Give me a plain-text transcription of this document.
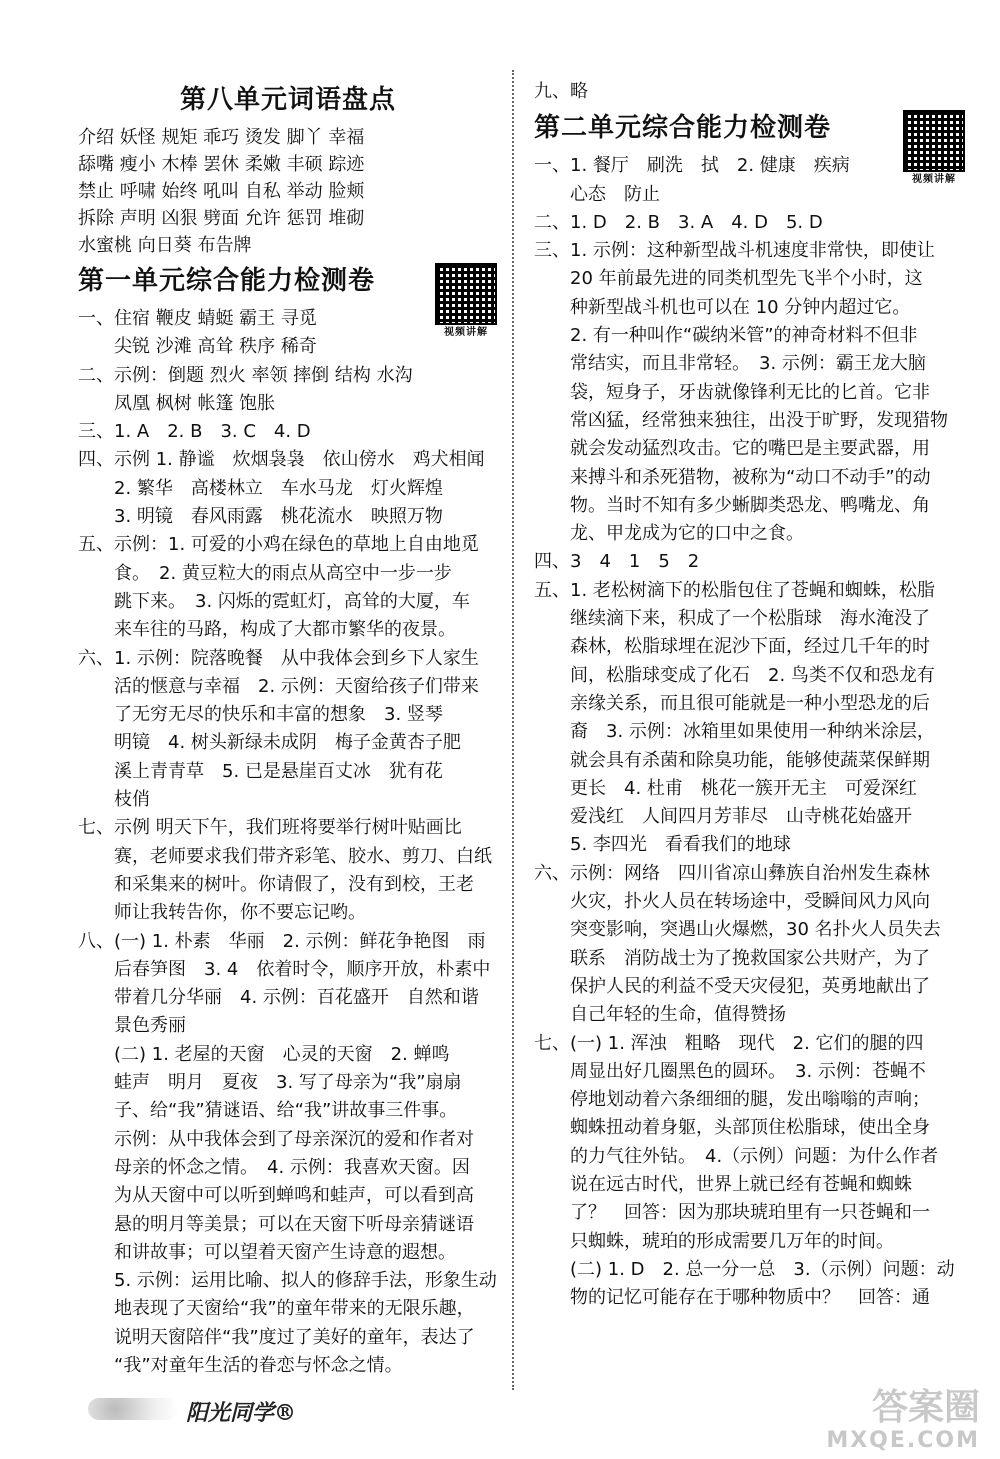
第八单元词语盘点

介绍 妖怪 规矩 乖巧 烫发 脚丫 幸福

舔嘴 瘦小 木棒 罢休 柔嫩 丰硕 踪迹

禁止 呼啸 始终 吼叫 自私 举动 脸颊

拆除 声明 凶狠 劈面 允许 惩罚 堆砌

水蜜桃 向日葵 布告牌

第一单元综合能力检测卷
视频讲解

一、住宿 鞭皮 蜻蜓 霸王 寻觅

　　尖锐 沙滩 高耸 秩序 稀奇

二、示例：倒题 烈火 率领 摔倒 结构 水沟

　　凤凰 枫树 帐篷 饱胀

三、1. A　2. B　3. C　4. D

四、示例 1. 静谧　炊烟袅袅　依山傍水　鸡犬相闻

　　2. 繁华　高楼林立　车水马龙　灯火辉煌

　　3. 明镜　春风雨露　桃花流水　映照万物

五、示例：1. 可爱的小鸡在绿色的草地上自由地觅

　　食。　2. 黄豆粒大的雨点从高空中一步一步

　　跳下来。　3. 闪烁的霓虹灯，高耸的大厦，车

　　来车往的马路，构成了大都市繁华的夜景。

六、1. 示例：院落晚餐　从中我体会到乡下人家生

　　活的惬意与幸福　2. 示例：天窗给孩子们带来

　　了无穷无尽的快乐和丰富的想象　3. 竖琴

　　明镜　4. 树头新绿未成阴　梅子金黄杏子肥

　　溪上青青草　5. 已是悬崖百丈冰　犹有花

　　枝俏

七、示例 明天下午，我们班将要举行树叶贴画比

　　赛，老师要求我们带齐彩笔、胶水、剪刀、白纸

　　和采集来的树叶。你请假了，没有到校，王老

　　师让我转告你，你不要忘记哟。

八、(一) 1. 朴素　华丽　2. 示例：鲜花争艳图　雨

　　后春笋图　3. 4　依着时令，顺序开放，朴素中

　　带着几分华丽　4. 示例：百花盛开　自然和谐

　　景色秀丽

　　(二) 1. 老屋的天窗　心灵的天窗　2. 蝉鸣

　　蛙声　明月　夏夜　3. 写了母亲为“我”扇扇

　　子、给“我”猜谜语、给“我”讲故事三件事。

　　示例：从中我体会到了母亲深沉的爱和作者对

　　母亲的怀念之情。　4. 示例：我喜欢天窗。因

　　为从天窗中可以听到蝉鸣和蛙声，可以看到高

　　悬的明月等美景；可以在天窗下听母亲猜谜语

　　和讲故事；可以望着天窗产生诗意的遐想。

　　5. 示例：运用比喻、拟人的修辞手法，形象生动

　　地表现了天窗给“我”的童年带来的无限乐趣，

　　说明天窗陪伴“我”度过了美好的童年，表达了

　　“我”对童年生活的眷恋与怀念之情。

九、略

第二单元综合能力检测卷
视频讲解

一、1. 餐厅　刷洗　拭　2. 健康　疾病

　　心态　防止

二、1. D　2. B　3. A　4. D　5. D

三、1. 示例：这种新型战斗机速度非常快，即使让

　　20 年前最先进的同类机型先飞半个小时，这

　　种新型战斗机也可以在 10 分钟内超过它。

　　2. 有一种叫作“碳纳米管”的神奇材料不但非

　　常结实，而且非常轻。　3. 示例：霸王龙大脑

　　袋，短身子，牙齿就像锋利无比的匕首。它非

　　常凶猛，经常独来独往，出没于旷野，发现猎物

　　就会发动猛烈攻击。它的嘴巴是主要武器，用

　　来搏斗和杀死猎物，被称为“动口不动手”的动

　　物。当时不知有多少蜥脚类恐龙、鸭嘴龙、角

　　龙、甲龙成为它的口中之食。

四、3　4　1　5　2

五、1. 老松树滴下的松脂包住了苍蝇和蜘蛛，松脂

　　继续滴下来，积成了一个松脂球　海水淹没了

　　森林，松脂球埋在泥沙下面，经过几千年的时

　　间，松脂球变成了化石　2. 鸟类不仅和恐龙有

　　亲缘关系，而且很可能就是一种小型恐龙的后

　　裔　3. 示例：冰箱里如果使用一种纳米涂层，

　　就会具有杀菌和除臭功能，能够使蔬菜保鲜期

　　更长　4. 杜甫　桃花一簇开无主　可爱深红

　　爱浅红　人间四月芳菲尽　山寺桃花始盛开

　　5. 李四光　看看我们的地球

六、示例：网络　四川省凉山彝族自治州发生森林

　　火灾，扑火人员在转场途中，受瞬间风力风向

　　突变影响，突遇山火爆燃，30 名扑火人员失去

　　联系　消防战士为了挽救国家公共财产，为了

　　保护人民的利益不受天灾侵犯，英勇地献出了

　　自己年轻的生命，值得赞扬

七、(一) 1. 浑浊　粗略　现代　2. 它们的腿的四

　　周显出好几圈黑色的圆环。　3. 示例：苍蝇不

　　停地划动着六条细细的腿，发出嗡嗡的声响；

　　蜘蛛扭动着身躯，头部顶住松脂球，使出全身

　　的力气往外钻。　4.（示例）问题：为什么作者

　　说在远古时代，世界上就已经有苍蝇和蜘蛛

　　了？　回答：因为那块琥珀里有一只苍蝇和一

　　只蜘蛛，琥珀的形成需要几万年的时间。

　　(二) 1. D　2. 总一分一总　3.（示例）问题：动

　　物的记忆可能存在于哪种物质中？　回答：通

阳光同学®	答案圈
MXQE.COM
